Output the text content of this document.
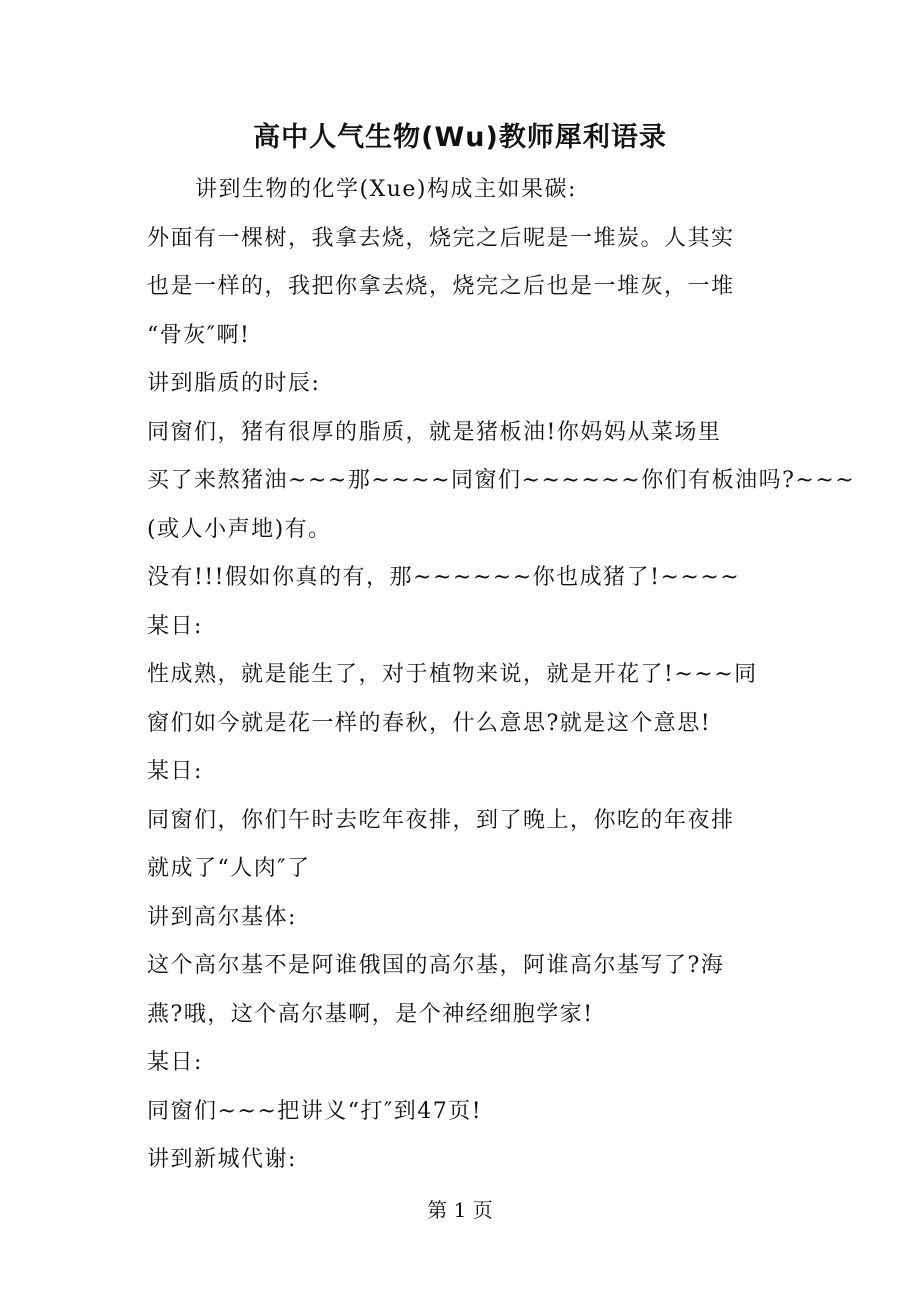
高中人气生物(Wu)教师犀利语录
讲到生物的化学(Xue)构成主如果碳:
外面有一棵树，我拿去烧，烧完之后呢是一堆炭。人其实
也是一样的，我把你拿去烧，烧完之后也是一堆灰，一堆
“骨灰″啊!
讲到脂质的时辰:
同窗们，猪有很厚的脂质，就是猪板油!你妈妈从菜场里
买了来熬猪油~~~那~~~~同窗们~~~~~~你们有板油吗?~~~
(或人小声地)有。
没有!!!假如你真的有，那~~~~~~你也成猪了!~~~~
某日:
性成熟，就是能生了，对于植物来说，就是开花了!~~~同
窗们如今就是花一样的春秋，什么意思?就是这个意思!
某日:
同窗们，你们午时去吃年夜排，到了晚上，你吃的年夜排
就成了“人肉″了
讲到高尔基体:
这个高尔基不是阿谁俄国的高尔基，阿谁高尔基写了?海
燕?哦，这个高尔基啊，是个神经细胞学家!
某日:
同窗们~~~把讲义“打″到47页!
讲到新城代谢:
第 1 页
